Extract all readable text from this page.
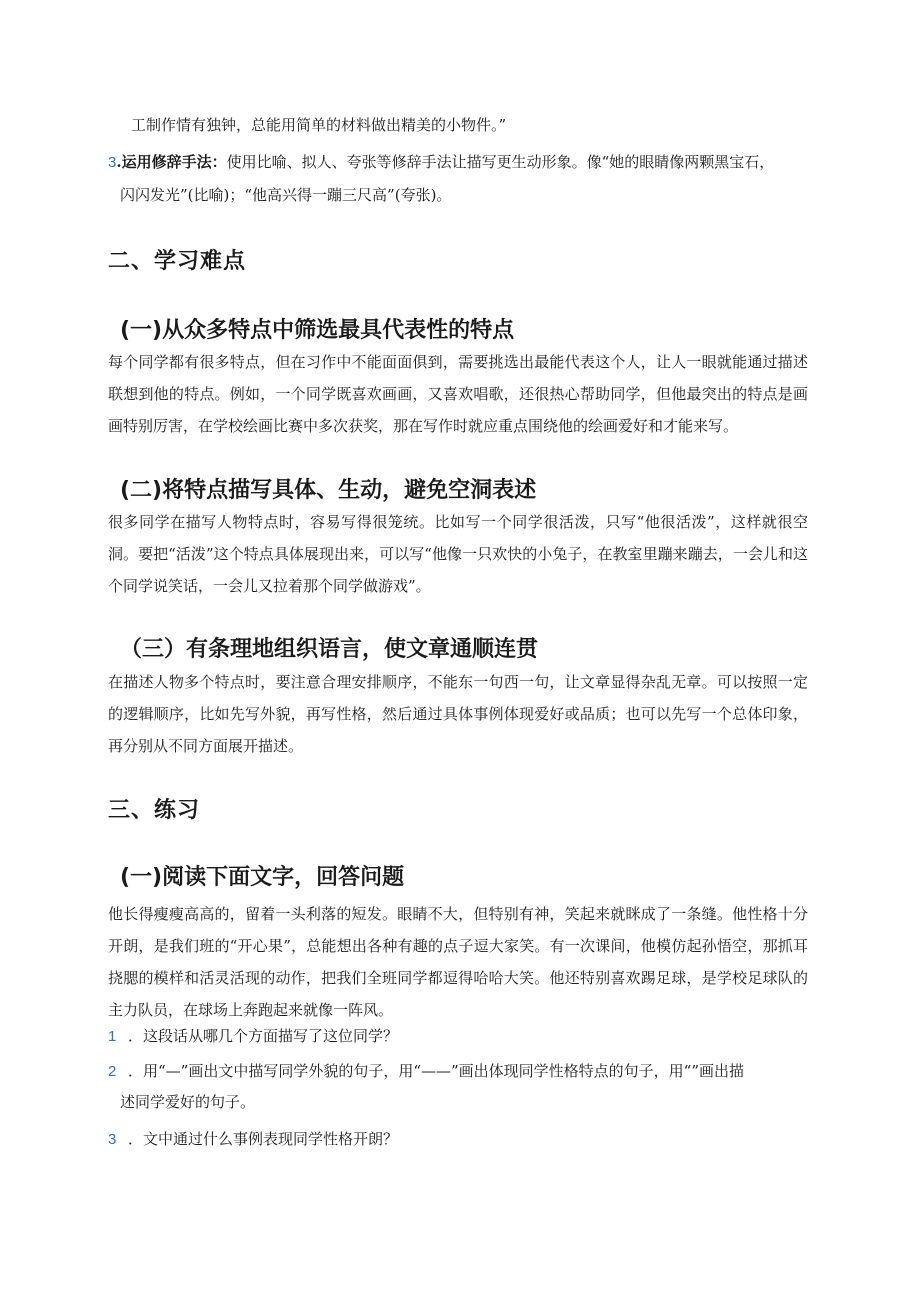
工制作情有独钟，总能用简单的材料做出精美的小物件。”
3.运用修辞手法：使用比喻、拟人、夸张等修辞手法让描写更生动形象。像“她的眼睛像两颗黑宝石，
闪闪发光”(比喻)；“他高兴得一蹦三尺高”(夸张)。
二、学习难点
(一)从众多特点中筛选最具代表性的特点
每个同学都有很多特点，但在习作中不能面面俱到，需要挑选出最能代表这个人，让人一眼就能通过描述联想到他的特点。例如，一个同学既喜欢画画，又喜欢唱歌，还很热心帮助同学，但他最突出的特点是画画特别厉害，在学校绘画比赛中多次获奖，那在写作时就应重点围绕他的绘画爱好和才能来写。
(二)将特点描写具体、生动，避免空洞表述
很多同学在描写人物特点时，容易写得很笼统。比如写一个同学很活泼，只写“他很活泼”，这样就很空洞。要把“活泼”这个特点具体展现出来，可以写“他像一只欢快的小兔子，在教室里蹦来蹦去，一会儿和这个同学说笑话，一会儿又拉着那个同学做游戏”。
（三）有条理地组织语言，使文章通顺连贯
在描述人物多个特点时，要注意合理安排顺序，不能东一句西一句，让文章显得杂乱无章。可以按照一定的逻辑顺序，比如先写外貌，再写性格，然后通过具体事例体现爱好或品质；也可以先写一个总体印象，再分别从不同方面展开描述。
三、练习
(一)阅读下面文字，回答问题
他长得瘦瘦高高的，留着一头利落的短发。眼睛不大，但特别有神，笑起来就眯成了一条缝。他性格十分开朗，是我们班的“开心果”，总能想出各种有趣的点子逗大家笑。有一次课间，他模仿起孙悟空，那抓耳挠腮的模样和活灵活现的动作，把我们全班同学都逗得哈哈大笑。他还特别喜欢踢足球，是学校足球队的主力队员，在球场上奔跑起来就像一阵风。
1 ．这段话从哪几个方面描写了这位同学？
2 ．用“—”画出文中描写同学外貌的句子，用“——”画出体现同学性格特点的句子，用“”画出描
述同学爱好的句子。
3 ．文中通过什么事例表现同学性格开朗？
